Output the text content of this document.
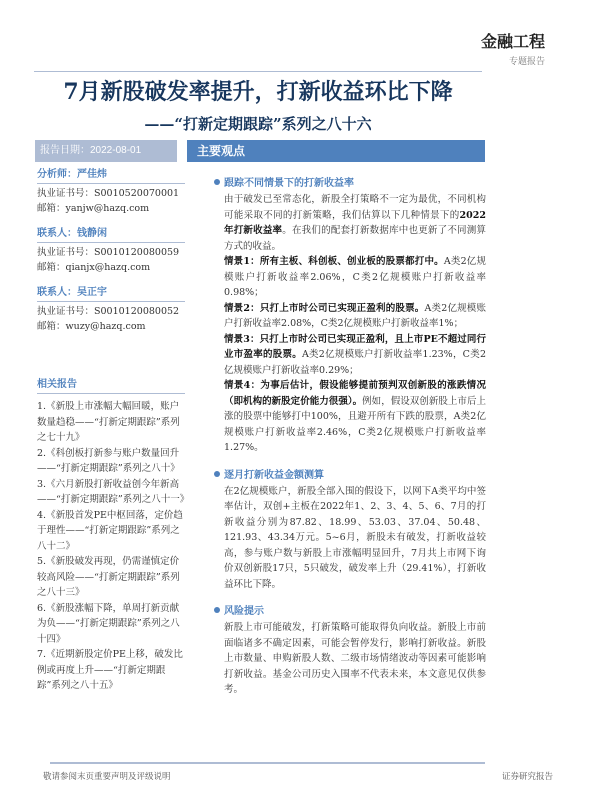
金融工程
专题报告
7月新股破发率提升，打新收益环比下降
——“打新定期跟踪”系列之八十六
报告日期：2022-08-01	主要观点
分析师：严佳炜
执业证书号：S0010520070001
邮箱：yanjw@hazq.com
联系人：钱静闲
执业证书号：S0010120080059
邮箱：qianjx@hazq.com
联系人：吴正宇
执业证书号：S0010120080052
邮箱：wuzy@hazq.com
相关报告
1.《新股上市涨幅大幅回暖，账户数量趋稳——“打新定期跟踪”系列之七十九》
2.《科创板打新参与账户数量回升——“打新定期跟踪”系列之八十》
3.《六月新股打新收益创今年新高——“打新定期跟踪”系列之八十一》
4.《新股首发PE中枢回落，定价趋于理性——“打新定期跟踪”系列之八十二》
5.《新股破发再现，仍需谨慎定价较高风险——“打新定期跟踪”系列之八十三》
6.《新股涨幅下降，单周打新贡献为负——“打新定期跟踪”系列之八十四》
7.《近期新股定价PE上移，破发比例或再度上升——“打新定期跟踪”系列之八十五》
跟踪不同情景下的打新收益率
由于破发已至常态化，新股全打策略不一定为最优，不同机构可能采取不同的打新策略，我们估算以下几种情景下的2022年打新收益率。在我们的配套打新数据库中也更新了不同测算方式的收益。
情景1：所有主板、科创板、创业板的股票都打中。A类2亿规模账户打新收益率2.06%，C类2亿规模账户打新收益率0.98%；
情景2：只打上市时公司已实现正盈利的股票。A类2亿规模账户打新收益率2.08%，C类2亿规模账户打新收益率1%；
情景3：只打上市时公司已实现正盈利，且上市PE不超过同行业市盈率的股票。A类2亿规模账户打新收益率1.23%，C类2亿规模账户打新收益率0.29%；
情景4：为事后估计，假设能够提前预判双创新股的涨跌情况（即机构的新股定价能力很强）。例如，假设双创新股上市后上涨的股票中能够打中100%，且避开所有下跌的股票，A类2亿规模账户打新收益率2.46%，C类2亿规模账户打新收益率1.27%。
逐月打新收益金额测算
在2亿规模账户，新股全部入围的假设下，以网下A类平均中签率估计，双创+主板在2022年1、2、3、4、5、6、7月的打新收益分别为87.82、18.99、53.03、37.04、50.48、121.93、43.34万元。5~6月，新股未有破发，打新收益较高，参与账户数与新股上市涨幅明显回升，7月共上市网下询价双创新股17只，5只破发，破发率上升（29.41%），打新收益环比下降。
风险提示
新股上市可能破发，打新策略可能取得负向收益。新股上市前面临诸多不确定因素，可能会暂停发行，影响打新收益。新股上市数量、申购新股人数、二级市场情绪波动等因素可能影响打新收益。基金公司历史入围率不代表未来，本文意见仅供参考。
敬请参阅末页重要声明及评级说明	证券研究报告
